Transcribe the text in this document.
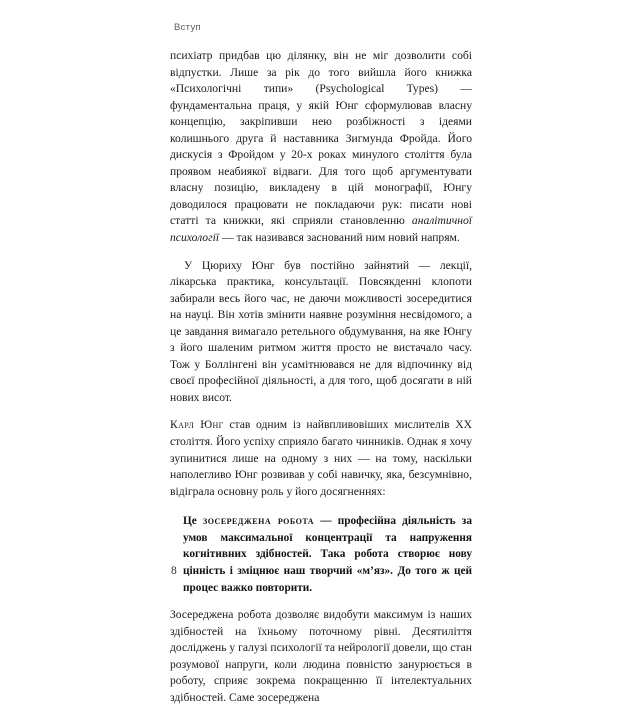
Вступ

психіатр придбав цю ділянку, він не міг дозволити собі відпустки. Лише за рік до того вийшла його книжка «Психологічні типи» (Psychological Types) — фундаментальна праця, у якій Юнг сформулював власну концепцію, закріпивши нею розбіжності з ідеями колишнього друга й наставника Зигмунда Фройда. Його дискусія з Фройдом у 20-х роках минулого століття була проявом неабиякої відваги. Для того щоб аргументувати власну позицію, викладену в цій монографії, Юнгу доводилося працювати не покладаючи рук: писати нові статті та книжки, які сприяли становленню аналітичної психології — так називався заснований ним новий напрям.

У Цюриху Юнг був постійно зайнятий — лекції, лікарська практика, консультації. Повсякденні клопоти забирали весь його час, не даючи можливості зосередитися на науці. Він хотів змінити наявне розуміння несвідомого, а це завдання вимагало ретельного обдумування, на яке Юнгу з його шаленим ритмом життя просто не вистачало часу. Тож у Боллінгені він усамітнювався не для відпочинку від своєї професійної діяльності, а для того, щоб досягати в ній нових висот.

Карл Юнг став одним із найвпливовіших мислителів XX століття. Його успіху сприяло багато чинників. Однак я хочу зупинитися лише на одному з них — на тому, наскільки наполегливо Юнг розвивав у собі навичку, яка, безсумнівно, відіграла основну роль у його досягненнях:

Це зосереджена робота — професійна діяльність за умов максимальної концентрації та напруження когнітивних здібностей. Така робота створює нову цінність і зміцнює наш творчий «м’яз». До того ж цей процес важко повторити.

Зосереджена робота дозволяє видобути максимум із наших здібностей на їхньому поточному рівні. Десятиліття досліджень у галузі психології та нейрології довели, що стан розумової напруги, коли людина повністю занурюється в роботу, сприяє зокрема покращенню її інтелектуальних здібностей. Саме зосереджена

8
